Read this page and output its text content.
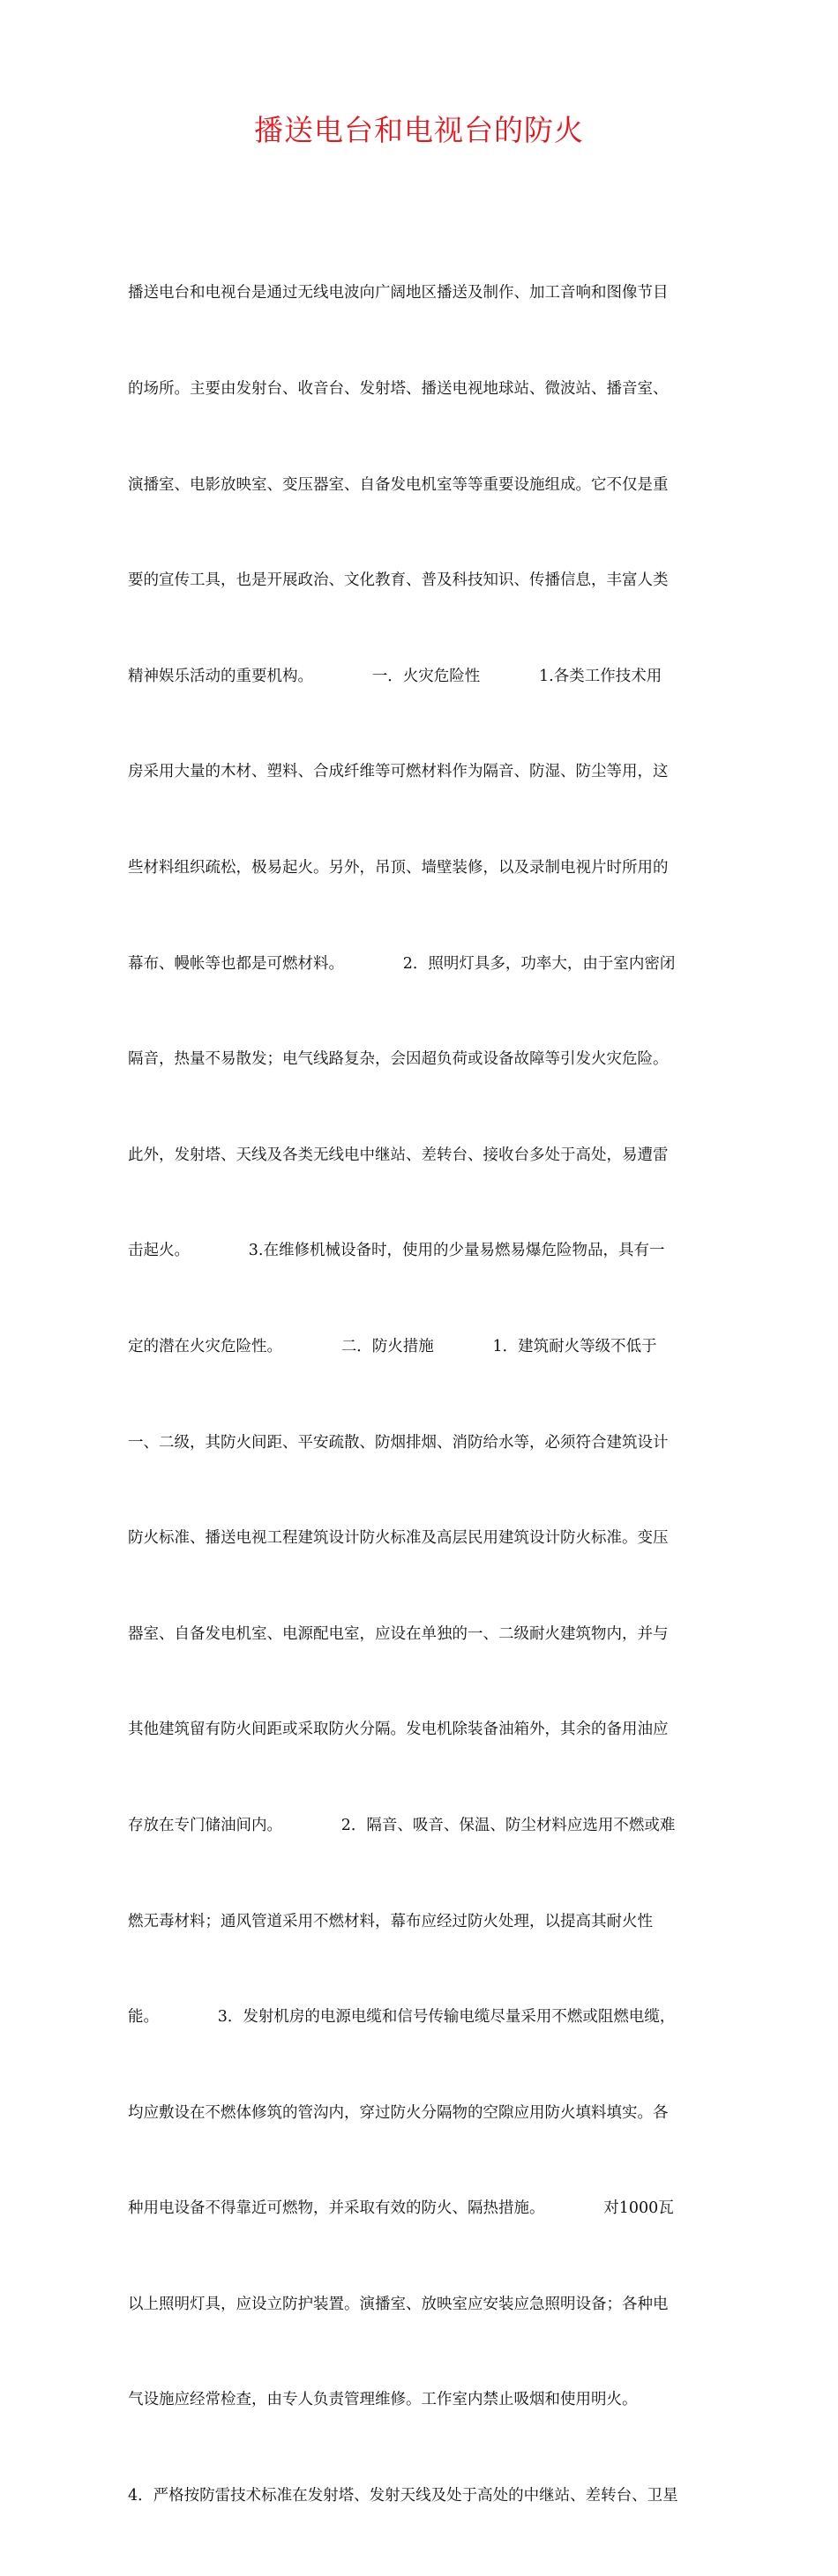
播送电台和电视台的防火

播送电台和电视台是通过无线电波向广阔地区播送及制作、加工音响和图像节目

的场所。主要由发射台、收音台、发射塔、播送电视地球站、微波站、播音室、

演播室、电影放映室、变压器室、自备发电机室等等重要设施组成。它不仅是重

要的宣传工具，也是开展政治、文化教育、普及科技知识、传播信息，丰富人类

精神娱乐活动的重要机构。            一．火灾危险性            1.各类工作技术用

房采用大量的木材、塑料、合成纤维等可燃材料作为隔音、防湿、防尘等用，这

些材料组织疏松，极易起火。另外，吊顶、墙壁装修，以及录制电视片时所用的

幕布、幔帐等也都是可燃材料。            2．照明灯具多，功率大，由于室内密闭

隔音，热量不易散发；电气线路复杂，会因超负荷或设备故障等引发火灾危险。

此外，发射塔、天线及各类无线电中继站、差转台、接收台多处于高处，易遭雷

击起火。            3.在维修机械设备时，使用的少量易燃易爆危险物品，具有一

定的潜在火灾危险性。            二．防火措施            1．建筑耐火等级不低于

一、二级，其防火间距、平安疏散、防烟排烟、消防给水等，必须符合建筑设计

防火标准、播送电视工程建筑设计防火标准及高层民用建筑设计防火标准。变压

器室、自备发电机室、电源配电室，应设在单独的一、二级耐火建筑物内，并与

其他建筑留有防火间距或采取防火分隔。发电机除装备油箱外，其余的备用油应

存放在专门储油间内。            2．隔音、吸音、保温、防尘材料应选用不燃或难

燃无毒材料；通风管道采用不燃材料，幕布应经过防火处理，以提高其耐火性

能。            3．发射机房的电源电缆和信号传输电缆尽量采用不燃或阻燃电缆，

均应敷设在不燃体修筑的管沟内，穿过防火分隔物的空隙应用防火填料填实。各

种用电设备不得靠近可燃物，并采取有效的防火、隔热措施。            对1000瓦

以上照明灯具，应设立防护装置。演播室、放映室应安装应急照明设备；各种电

气设施应经常检查，由专人负责管理维修。工作室内禁止吸烟和使用明火。

4．严格按防雷技术标准在发射塔、发射天线及处于高处的中继站、差转台、卫星
